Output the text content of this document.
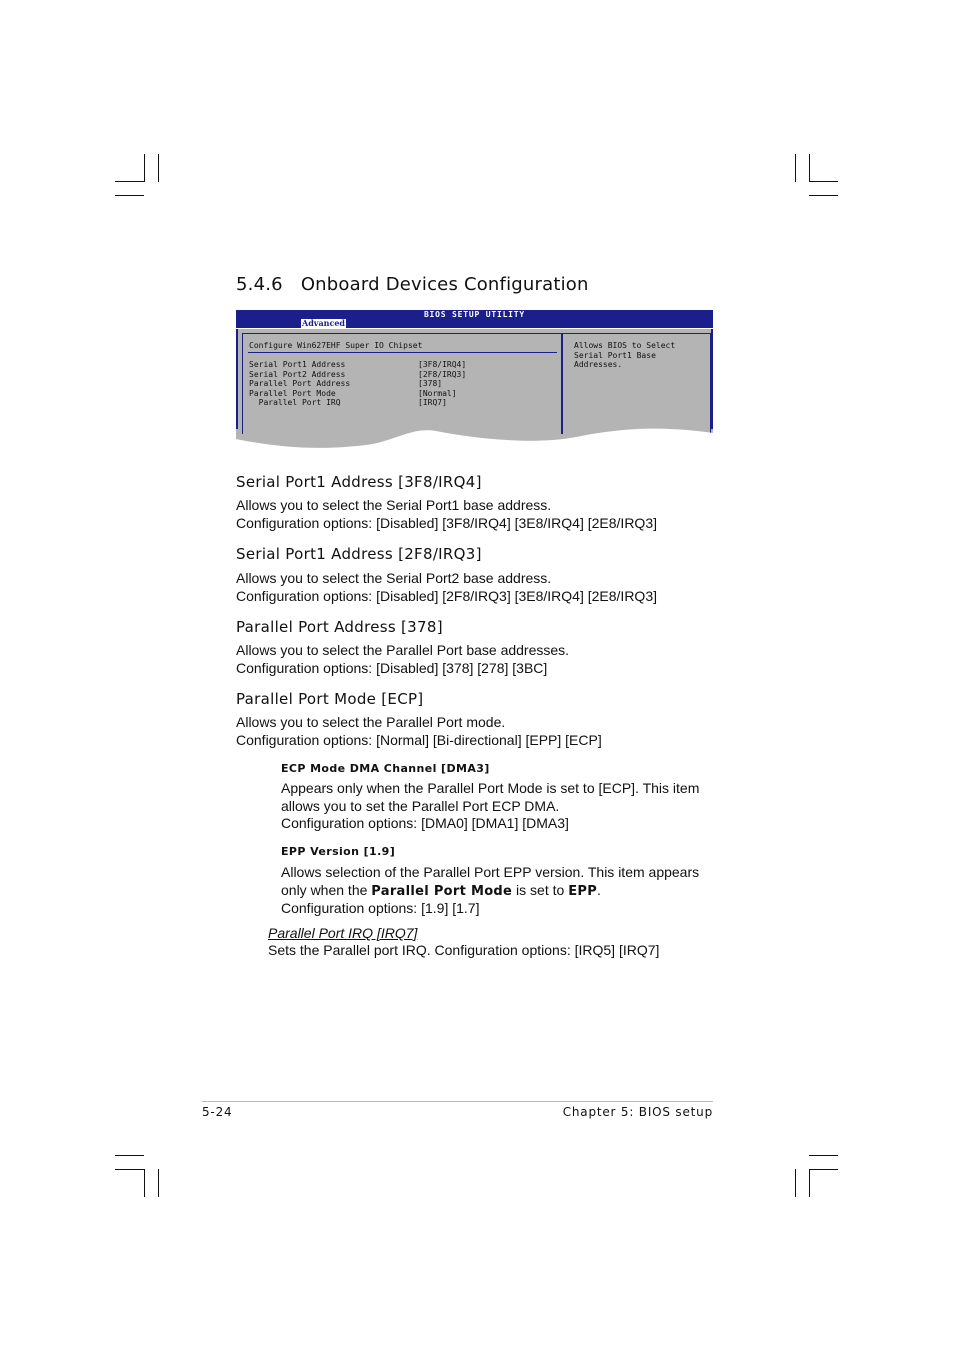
5.4.6 Onboard Devices Configuration
BIOS SETUP UTILITY
Advanced
Configure Win627EHF Super IO Chipset
Serial Port1 Address	[3F8/IRQ4]
Serial Port2 Address	[2F8/IRQ3]
Parallel Port Address	[378]
Parallel Port Mode	[Normal]
Parallel Port IRQ	[IRQ7]
Allows BIOS to Select Serial Port1 Base Addresses.
Serial Port1 Address [3F8/IRQ4]
Allows you to select the Serial Port1 base address.
Configuration options: [Disabled] [3F8/IRQ4] [3E8/IRQ4] [2E8/IRQ3]
Serial Port1 Address [2F8/IRQ3]
Allows you to select the Serial Port2 base address.
Configuration options: [Disabled] [2F8/IRQ3] [3E8/IRQ4] [2E8/IRQ3]
Parallel Port Address [378]
Allows you to select the Parallel Port base addresses.
Configuration options: [Disabled] [378] [278] [3BC]
Parallel Port Mode [ECP]
Allows you to select the Parallel Port mode.
Configuration options: [Normal] [Bi-directional] [EPP] [ECP]
ECP Mode DMA Channel [DMA3]
Appears only when the Parallel Port Mode is set to [ECP]. This item
allows you to set the Parallel Port ECP DMA.
Configuration options: [DMA0] [DMA1] [DMA3]
EPP Version [1.9]
Allows selection of the Parallel Port EPP version. This item appears
only when the Parallel Port Mode is set to EPP.
Configuration options: [1.9] [1.7]
Parallel Port IRQ [IRQ7]
Sets the Parallel port IRQ. Configuration options: [IRQ5] [IRQ7]
5-24	Chapter 5: BIOS setup
